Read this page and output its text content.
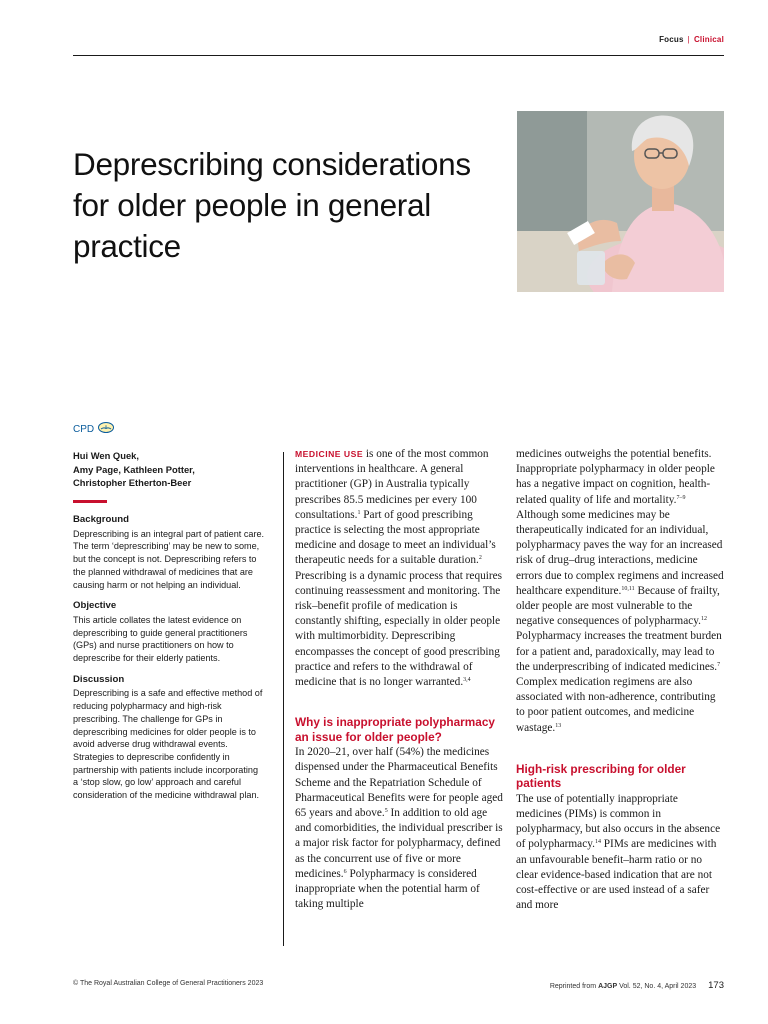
Focus | Clinical
Deprescribing considerations for older people in general practice
CPD
Hui Wen Quek,
Amy Page, Kathleen Potter,
Christopher Etherton-Beer
Background
Deprescribing is an integral part of patient care. The term ‘deprescribing’ may be new to some, but the concept is not. Deprescribing refers to the planned withdrawal of medicines that are causing harm or not helping an individual.
Objective
This article collates the latest evidence on deprescribing to guide general practitioners (GPs) and nurse practitioners on how to deprescribe for their elderly patients.
Discussion
Deprescribing is a safe and effective method of reducing polypharmacy and high-risk prescribing. The challenge for GPs in deprescribing medicines for older people is to avoid adverse drug withdrawal events. Strategies to deprescribe confidently in partnership with patients include incorporating a ‘stop slow, go low’ approach and careful consideration of the medicine withdrawal plan.

MEDICINE USE is one of the most common interventions in healthcare. A general practitioner (GP) in Australia typically prescribes 85.5 medicines per every 100 consultations.$^1$ Part of good prescribing practice is selecting the most appropriate medicine and dosage to meet an individual’s therapeutic needs for a suitable duration.$^2$ Prescribing is a dynamic process that requires continuing reassessment and monitoring. The risk–benefit profile of medication is constantly shifting, especially in older people with multimorbidity. Deprescribing encompasses the concept of good prescribing practice and refers to the withdrawal of medicine that is no longer warranted.$^{3,4}$

Why is inappropriate polypharmacy an issue for older people?

In 2020–21, over half (54%) the medicines dispensed under the Pharmaceutical Benefits Scheme and the Repatriation Schedule of Pharmaceutical Benefits were for people aged 65 years and above.$^5$ In addition to old age and comorbidities, the individual prescriber is a major risk factor for polypharmacy, defined as the concurrent use of five or more medicines.$^6$ Polypharmacy is considered inappropriate when the potential harm of taking multiple

medicines outweighs the potential benefits. Inappropriate polypharmacy in older people has a negative impact on cognition, health-related quality of life and mortality.$^{7-9}$ Although some medicines may be therapeutically indicated for an individual, polypharmacy paves the way for an increased risk of drug–drug interactions, medicine errors due to complex regimens and increased healthcare expenditure.$^{10,11}$ Because of frailty, older people are most vulnerable to the negative consequences of polypharmacy.$^{12}$ Polypharmacy increases the treatment burden for a patient and, paradoxically, may lead to the underprescribing of indicated medicines.$^7$ Complex medication regimens are also associated with non-adherence, contributing to poor patient outcomes, and medicine wastage.$^{13}$

High-risk prescribing for older patients

The use of potentially inappropriate medicines (PIMs) is common in polypharmacy, but also occurs in the absence of polypharmacy.$^{14}$ PIMs are medicines with an unfavourable benefit–harm ratio or no clear evidence-based indication that are not cost-effective or are used instead of a safer and more

© The Royal Australian College of General Practitioners 2023	Reprinted from AJGP Vol. 52, No. 4, April 2023 173
